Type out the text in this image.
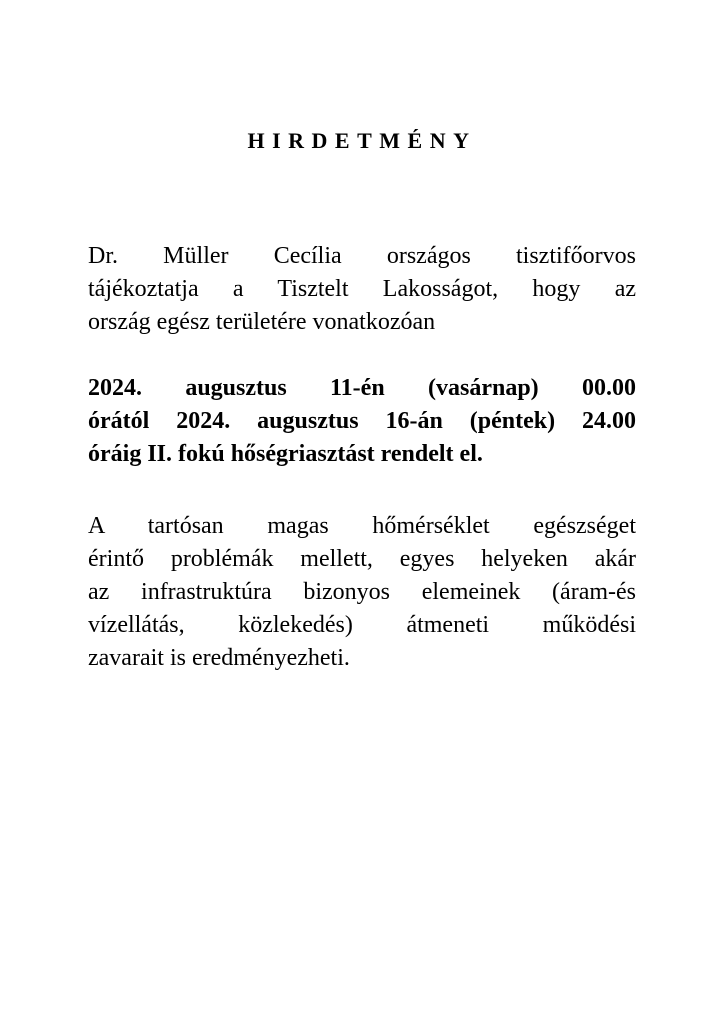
HIRDETMÉNY
Dr. Müller Cecília országos tisztifőorvos
tájékoztatja a Tisztelt Lakosságot, hogy az
ország egész területére vonatkozóan
2024. augusztus 11-én (vasárnap) 00.00
órától 2024. augusztus 16-án (péntek) 24.00
óráig II. fokú hőségriasztást rendelt el.
A tartósan magas hőmérséklet egészséget
érintő problémák mellett, egyes helyeken akár
az infrastruktúra bizonyos elemeinek (áram-és
vízellátás, közlekedés) átmeneti működési
zavarait is eredményezheti.
